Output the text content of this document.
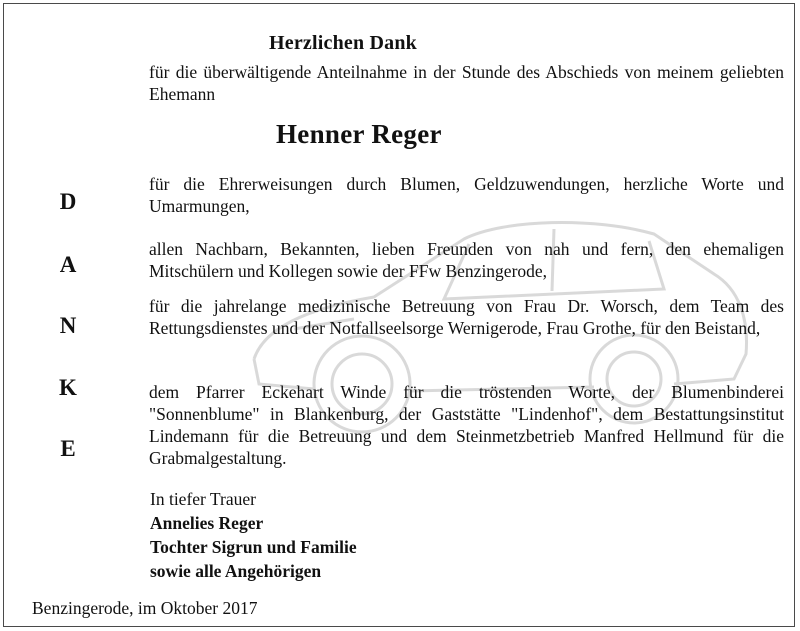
Herzlichen Dank
für die überwältigende Anteilnahme in der Stunde des Abschieds von meinem geliebten Ehemann
Henner Reger
D
A
N
K
E
für die Ehrerweisungen durch Blumen, Geldzuwendungen, herzliche Worte und Umarmungen,
allen Nachbarn, Bekannten, lieben Freunden von nah und fern, den ehemaligen Mitschülern und Kollegen sowie der FFw Benzingerode,
für die jahrelange medizinische Betreuung von Frau Dr. Worsch, dem Team des Rettungsdienstes und der Notfallseelsorge Wernigerode, Frau Grothe, für den Beistand,
dem Pfarrer Eckehart Winde für die tröstenden Worte, der Blumenbinderei "Sonnenblume" in Blankenburg, der Gaststätte "Lindenhof", dem Bestattungsinstitut Lindemann für die Betreuung und dem Steinmetzbetrieb Manfred Hellmund für die Grabmalgestaltung.
In tiefer Trauer
Annelies Reger
Tochter Sigrun und Familie
sowie alle Angehörigen
Benzingerode, im Oktober 2017
